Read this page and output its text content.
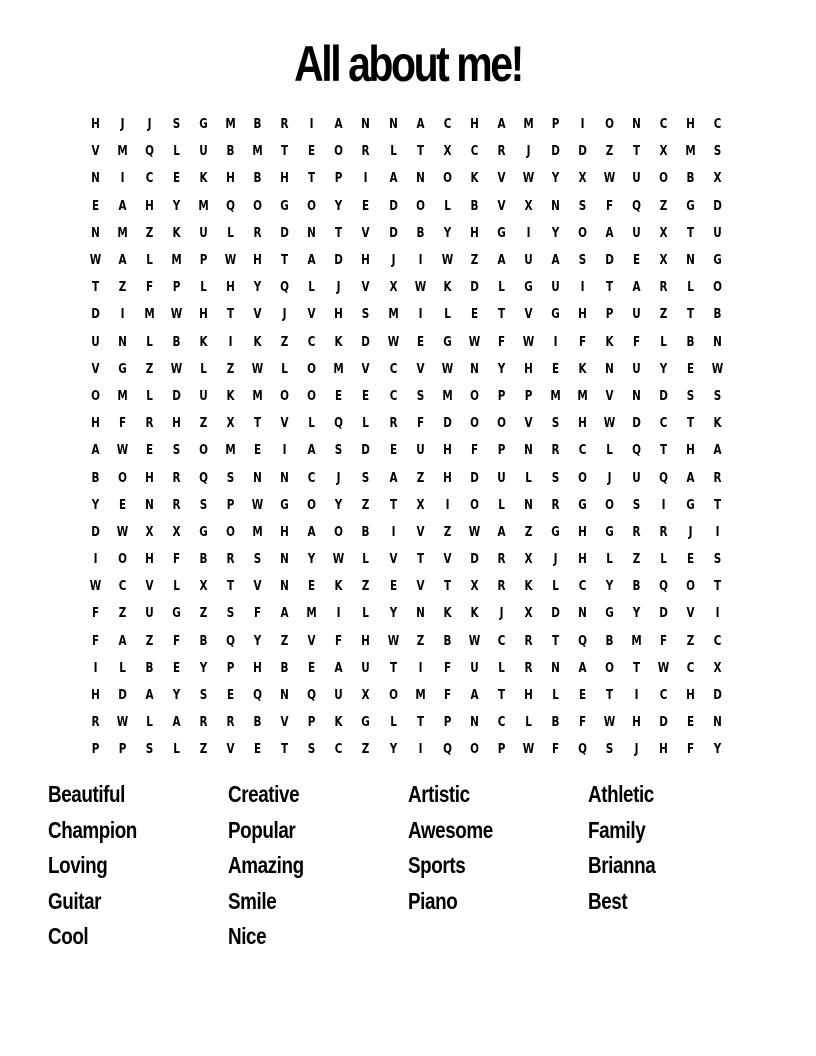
All about me!
H	J	J	S	G	M	B	R	I	A	N	N	A	C	H	A	M	P	I	O	N	C	H	C
V	M	Q	L	U	B	M	T	E	O	R	L	T	X	C	R	J	D	D	Z	T	X	M	S
N	I	C	E	K	H	B	H	T	P	I	A	N	O	K	V	W	Y	X	W	U	O	B	X
E	A	H	Y	M	Q	O	G	O	Y	E	D	O	L	B	V	X	N	S	F	Q	Z	G	D
N	M	Z	K	U	L	R	D	N	T	V	D	B	Y	H	G	I	Y	O	A	U	X	T	U
W	A	L	M	P	W	H	T	A	D	H	J	I	W	Z	A	U	A	S	D	E	X	N	G
T	Z	F	P	L	H	Y	Q	L	J	V	X	W	K	D	L	G	U	I	T	A	R	L	O
D	I	M	W	H	T	V	J	V	H	S	M	I	L	E	T	V	G	H	P	U	Z	T	B
U	N	L	B	K	I	K	Z	C	K	D	W	E	G	W	F	W	I	F	K	F	L	B	N
V	G	Z	W	L	Z	W	L	O	M	V	C	V	W	N	Y	H	E	K	N	U	Y	E	W
O	M	L	D	U	K	M	O	O	E	E	C	S	M	O	P	P	M	M	V	N	D	S	S
H	F	R	H	Z	X	T	V	L	Q	L	R	F	D	O	O	V	S	H	W	D	C	T	K
A	W	E	S	O	M	E	I	A	S	D	E	U	H	F	P	N	R	C	L	Q	T	H	A
B	O	H	R	Q	S	N	N	C	J	S	A	Z	H	D	U	L	S	O	J	U	Q	A	R
Y	E	N	R	S	P	W	G	O	Y	Z	T	X	I	O	L	N	R	G	O	S	I	G	T
D	W	X	X	G	O	M	H	A	O	B	I	V	Z	W	A	Z	G	H	G	R	R	J	I
I	O	H	F	B	R	S	N	Y	W	L	V	T	V	D	R	X	J	H	L	Z	L	E	S
W	C	V	L	X	T	V	N	E	K	Z	E	V	T	X	R	K	L	C	Y	B	Q	O	T
F	Z	U	G	Z	S	F	A	M	I	L	Y	N	K	K	J	X	D	N	G	Y	D	V	I
F	A	Z	F	B	Q	Y	Z	V	F	H	W	Z	B	W	C	R	T	Q	B	M	F	Z	C
I	L	B	E	Y	P	H	B	E	A	U	T	I	F	U	L	R	N	A	O	T	W	C	X
H	D	A	Y	S	E	Q	N	Q	U	X	O	M	F	A	T	H	L	E	T	I	C	H	D
R	W	L	A	R	R	B	V	P	K	G	L	T	P	N	C	L	B	F	W	H	D	E	N
P	P	S	L	Z	V	E	T	S	C	Z	Y	I	Q	O	P	W	F	Q	S	J	H	F	Y
Beautiful	Creative	Artistic	Athletic
Champion	Popular	Awesome	Family
Loving	Amazing	Sports	Brianna
Guitar	Smile	Piano	Best
Cool	Nice
